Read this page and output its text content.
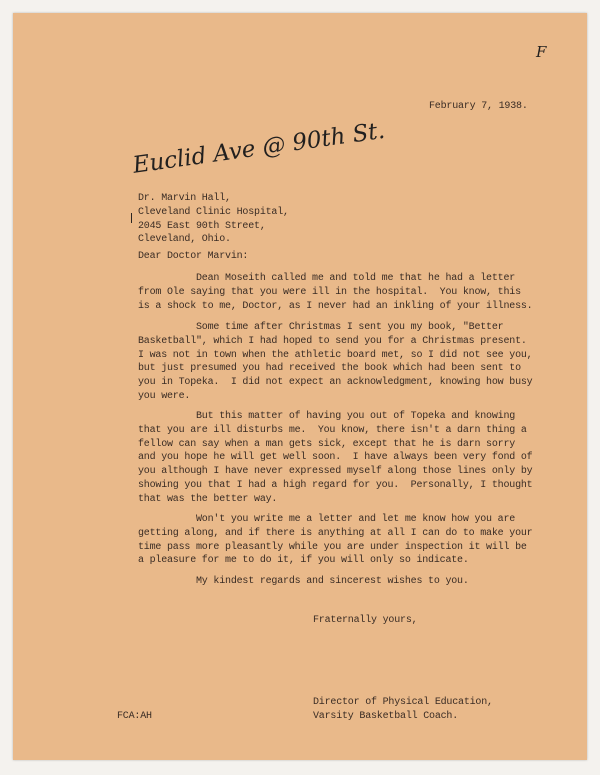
F
February 7, 1938.
Euclid Ave @ 90th St.
Dr. Marvin Hall,
Cleveland Clinic Hospital,
2045 East 90th Street,
Cleveland, Ohio.
Dear Doctor Marvin:
Dean Moseith called me and told me that he had a letter
from Ole saying that you were ill in the hospital.  You know, this
is a shock to me, Doctor, as I never had an inkling of your illness.
Some time after Christmas I sent you my book, "Better
Basketball", which I had hoped to send you for a Christmas present.
I was not in town when the athletic board met, so I did not see you,
but just presumed you had received the book which had been sent to
you in Topeka.  I did not expect an acknowledgment, knowing how busy
you were.
But this matter of having you out of Topeka and knowing
that you are ill disturbs me.  You know, there isn't a darn thing a
fellow can say when a man gets sick, except that he is darn sorry
and you hope he will get well soon.  I have always been very fond of
you although I have never expressed myself along those lines only by
showing you that I had a high regard for you.  Personally, I thought
that was the better way.
Won't you write me a letter and let me know how you are
getting along, and if there is anything at all I can do to make your
time pass more pleasantly while you are under inspection it will be
a pleasure for me to do it, if you will only so indicate.
My kindest regards and sincerest wishes to you.
Fraternally yours,
Director of Physical Education,
Varsity Basketball Coach.
FCA:AH
